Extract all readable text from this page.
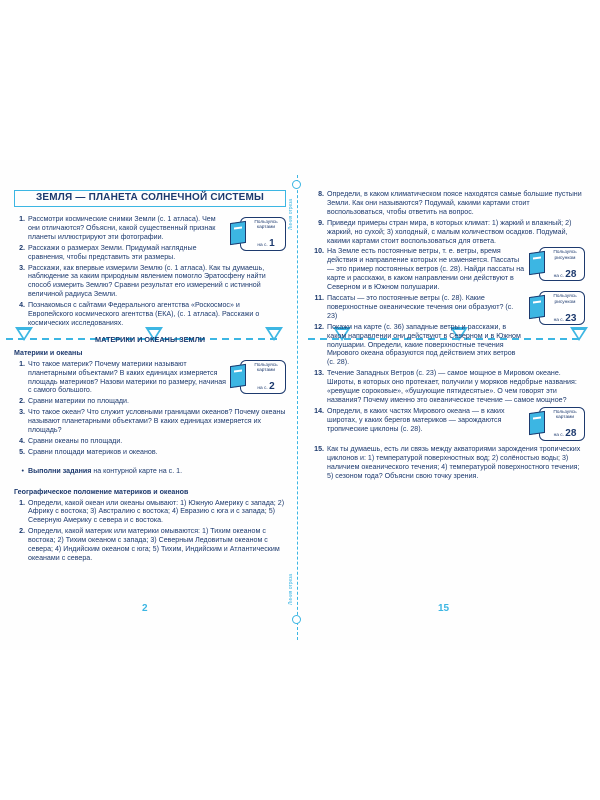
Линия отреза
Линия отреза
ЗЕМЛЯ — ПЛАНЕТА СОЛНЕЧНОЙ СИСТЕМЫ
Пользуясь
картами
на с. 1
1. Рассмотри космические снимки Земли (с. 1 атласа). Чем они отличаются? Объясни, какой существенный признак планеты иллюстрируют эти фотографии.
2. Расскажи о размерах Земли. Придумай наглядные сравнения, чтобы представить эти размеры.
3. Расскажи, как впервые измерили Землю (с. 1 атласа). Как ты думаешь, наблюдение за каким природным явлением помогло Эратосфену найти способ измерить Землю? Сравни результат его измерений с истинной величиной радиуса Земли.
4. Познакомься с сайтами Федерального агентства «Роскосмос» и Европейского космического агентства (ЕКА), (с. 1 атласа). Расскажи о космических исследованиях.
МАТЕРИКИ И ОКЕАНЫ ЗЕМЛИ
Материки и океаны
Пользуясь
картами
на с. 2
1. Что такое материк? Почему материки называют планетарными объектами? В каких единицах измеряется площадь материков? Назови материки по размеру, начиная с самого большого.
2. Сравни материки по площади.
3. Что такое океан? Что служит условными границами океанов? Почему океаны называют планетарными объектами? В каких единицах измеряется их площадь?
4. Сравни океаны по площади.
5. Сравни площади материков и океанов.
• Выполни задания на контурной карте на с. 1.
Географическое положение материков и океанов
1. Определи, какой океан или океаны омывают: 1) Южную Америку с запада; 2) Африку с востока; 3) Австралию с востока; 4) Евразию с юга и с запада; 5) Северную Америку с севера и с востока.
2. Определи, какой материк или материки омываются: 1) Тихим океаном с востока; 2) Тихим океаном с запада; 3) Северным Ледовитым океаном с севера; 4) Индийским океаном с юга; 5) Тихим, Индийским и Атлантическим океанами с севера.
2
8. Определи, в каком климатическом поясе находятся самые большие пустыни Земли. Как они называются? Подумай, какими картами стоит воспользоваться, чтобы ответить на вопрос.
9. Приведи примеры стран мира, в которых климат: 1) жаркий и влажный; 2) жаркий, но сухой; 3) холодный, с малым количеством осадков. Подумай, какими картами стоит воспользоваться для ответа.
Пользуясь
рисунком
на с. 28
Пользуясь
рисунком
на с. 23
10. На Земле есть постоянные ветры, т. е. ветры, время действия и направление которых не изменяется. Пассаты — это пример постоянных ветров (с. 28). Найди пассаты на карте и расскажи, в каком направлении они действуют в Северном и в Южном полушарии.
11. Пассаты — это постоянные ветры (с. 28). Какие поверхностные океанические течения они образуют? (с. 23)
12. Покажи на карте (с. 36) западные ветры и расскажи, в каком направлении они действуют в Северном и в Южном полушарии. Определи, какие поверхностные течения Мирового океана образуются под действием этих ветров (с. 28).
13. Течение Западных Ветров (с. 23) — самое мощное в Мировом океане. Широты, в которых оно протекает, получили у моряков недобрые названия: «ревущие сороковые», «бушующие пятидесятые». О чем говорят эти названия? Почему именно это океаническое течение — самое мощное?
Пользуясь
картами
на с. 28
14. Определи, в каких частях Мирового океана — в каких широтах, у каких берегов материков — зарождаются тропические циклоны (с. 28).
15. Как ты думаешь, есть ли связь между акваториями зарождения тропических циклонов и: 1) температурой поверхностных вод; 2) солёностью воды; 3) наличием океанического течения; 4) температурой поверхностного течения; 5) сезоном года? Объясни свою точку зрения.
15
